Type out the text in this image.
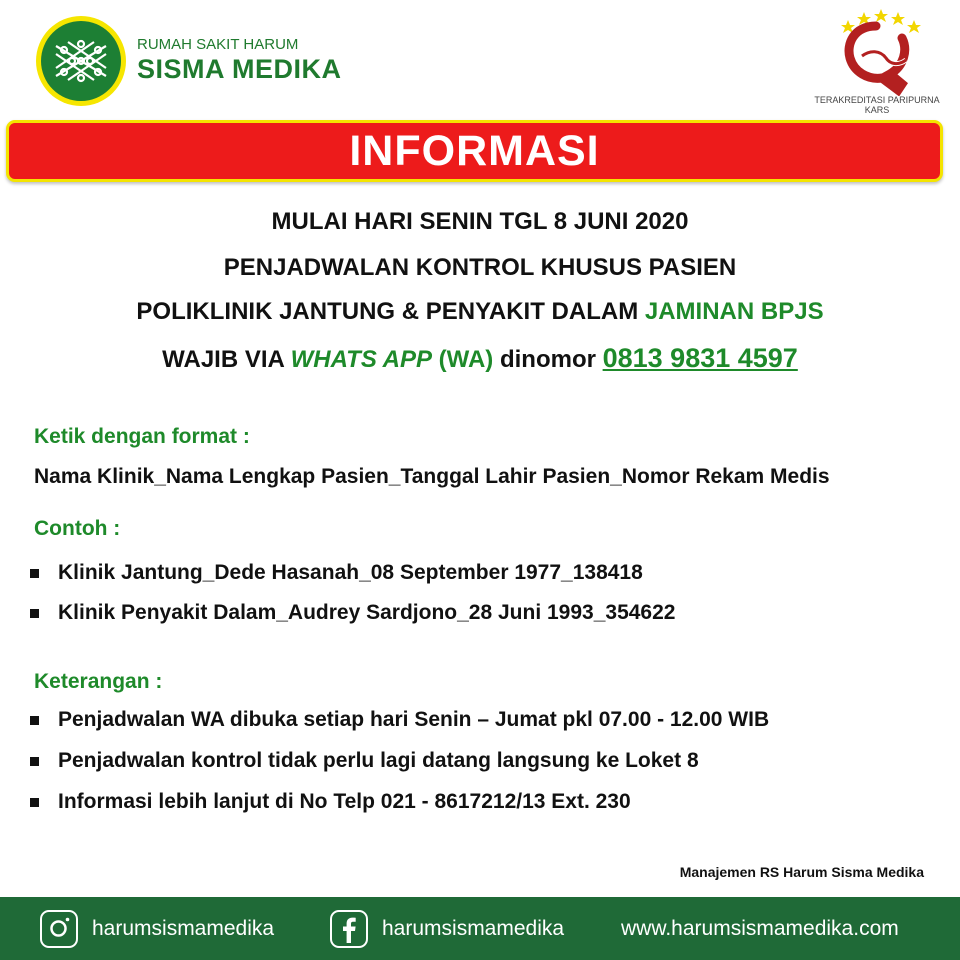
RUMAH SAKIT HARUM
SISMA MEDIKA
TERAKREDITASI PARIPURNA
KARS
INFORMASI
MULAI HARI SENIN TGL 8 JUNI 2020
PENJADWALAN KONTROL KHUSUS PASIEN
POLIKLINIK JANTUNG & PENYAKIT DALAM JAMINAN BPJS
WAJIB VIA WHATS APP (WA) dinomor 0813 9831 4597
Ketik dengan format :
Nama Klinik_Nama Lengkap Pasien_Tanggal Lahir Pasien_Nomor Rekam Medis
Contoh :
Klinik Jantung_Dede Hasanah_08 September 1977_138418
Klinik Penyakit Dalam_Audrey Sardjono_28 Juni 1993_354622
Keterangan :
Penjadwalan WA dibuka setiap hari Senin – Jumat pkl 07.00 - 12.00 WIB
Penjadwalan kontrol tidak perlu lagi datang langsung ke Loket 8
Informasi lebih lanjut di No Telp 021 - 8617212/13 Ext. 230
Manajemen RS Harum Sisma Medika
harumsismamedika	harumsismamedika	www.harumsismamedika.com
